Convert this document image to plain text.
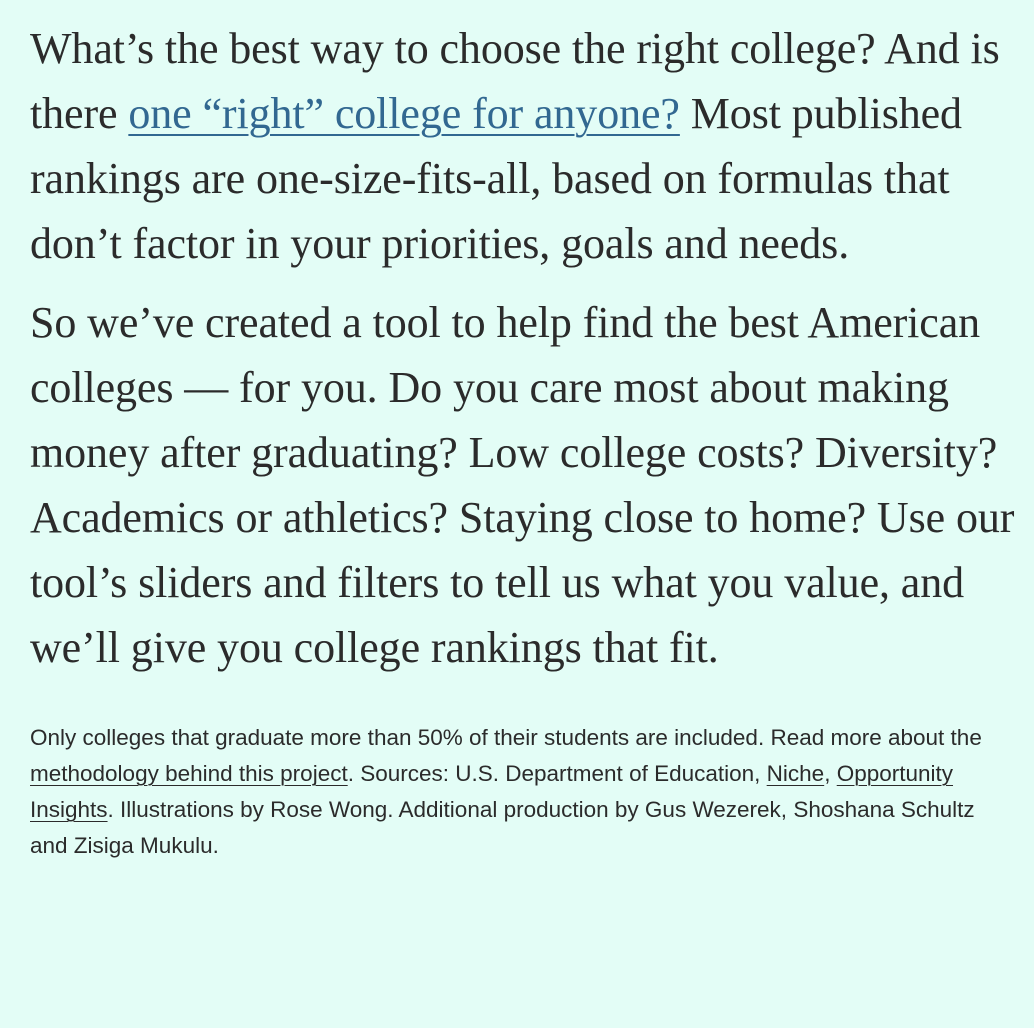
What’s the best way to choose the right college? And is there one “right” college for anyone? Most published rankings are one-size-fits-all, based on formulas that don’t factor in your priorities, goals and needs.

So we’ve created a tool to help find the best American colleges — for you. Do you care most about making money after graduating? Low college costs? Diversity? Academics or athletics? Staying close to home? Use our tool’s sliders and filters to tell us what you value, and we’ll give you college rankings that fit.

Only colleges that graduate more than 50% of their students are included. Read more about the methodology behind this project. Sources: U.S. Department of Education, Niche, Opportunity Insights. Illustrations by Rose Wong. Additional production by Gus Wezerek, Shoshana Schultz and Zisiga Mukulu.
